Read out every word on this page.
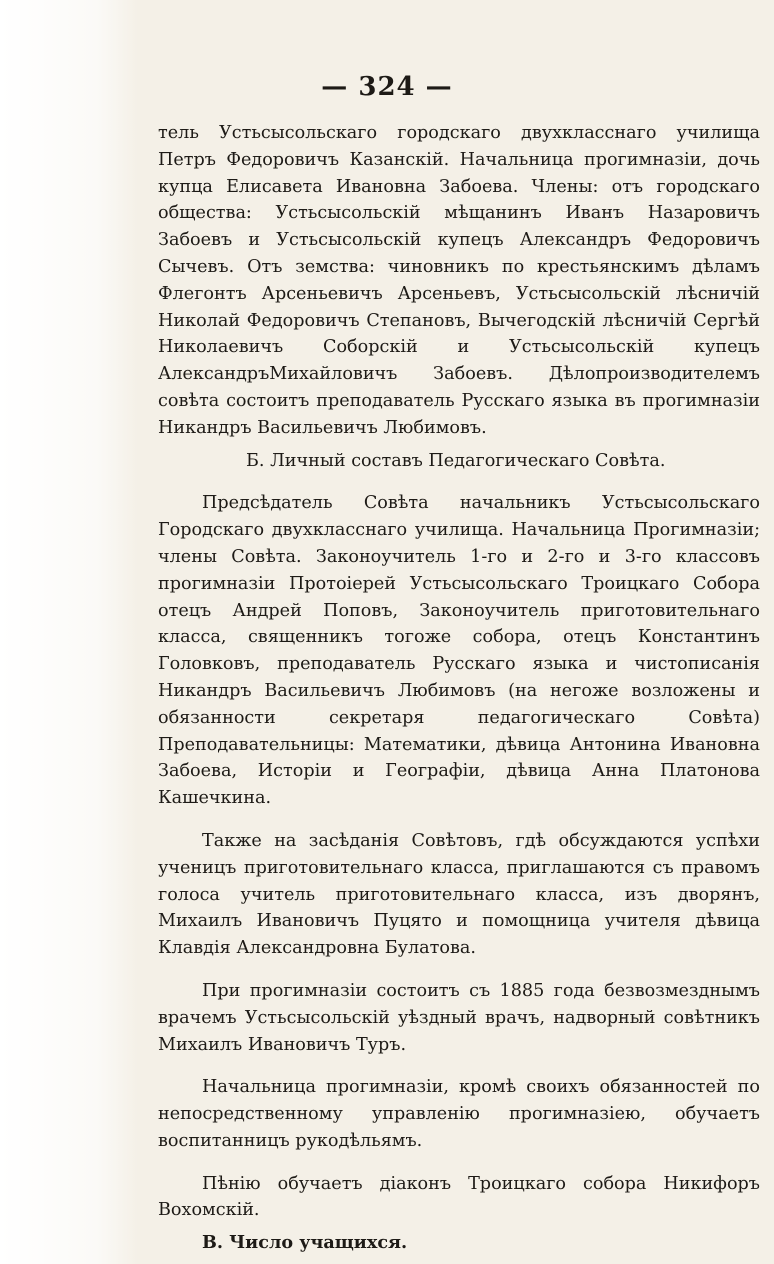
— 324 —

тель Устьсысольскаго городскаго двухкласснаго училища Петръ Федоровичъ Казанскій. Начальница прогимназіи, дочь купца Елисавета Ивановна Забоева. Члены: отъ городскаго общества: Устьсысольскій мѣщанинъ Иванъ Назаровичъ Забоевъ и Устьсысольскій купецъ Александръ Федоровичъ Сычевъ. Отъ земства: чиновникъ по крестьянскимъ дѣламъ Флегонтъ Арсеньевичъ Арсеньевъ, Устьсысольскій лѣсничій Николай Федоровичъ Степановъ, Вычегодскій лѣсничій Сергѣй Николаевичъ Соборскій и Устьсысольскій купецъ АлександръМихайловичъ Забоевъ. Дѣлопроизводителемъ совѣта состоитъ преподаватель Русскаго языка въ прогимназіи Никандръ Васильевичъ Любимовъ.

Б. Личный составъ Педагогическаго Совѣта.

Предсѣдатель Совѣта начальникъ Устьсысольскаго Городскаго двухкласснаго училища. Начальница Прогимназіи; члены Совѣта. Законоучитель 1-го и 2-го и 3-го классовъ прогимназіи Протоіерей Устьсысольскаго Троицкаго Собора отецъ Андрей Поповъ, Законоучитель приготовительнаго класса, священникъ тогоже собора, отецъ Константинъ Головковъ, преподаватель Русскаго языка и чистописанія Никандръ Васильевичъ Любимовъ (на негоже возложены и обязанности секретаря педагогическаго Совѣта) Преподавательницы: Математики, дѣвица Антонина Ивановна Забоева, Исторіи и Географіи, дѣвица Анна Платонова Кашечкина.

Также на засѣданія Совѣтовъ, гдѣ обсуждаются успѣхи ученицъ приготовительнаго класса, приглашаются съ правомъ голоса учитель приготовительнаго класса, изъ дворянъ, Михаилъ Ивановичъ Пуцято и помощница учителя дѣвица Клавдія Александровна Булатова.

При прогимназіи состоитъ съ 1885 года безвозмезднымъ врачемъ Устьсысольскій уѣздный врачъ, надворный совѣтникъ Михаилъ Ивановичъ Туръ.

Начальница прогимназіи, кромѣ своихъ обязанностей по непосредственному управленію прогимназіею, обучаетъ воспитанницъ рукодѣльямъ.

Пѣнію обучаетъ діаконъ Троицкаго собора Никифоръ Вохомскій.

В. Число учащихся.
